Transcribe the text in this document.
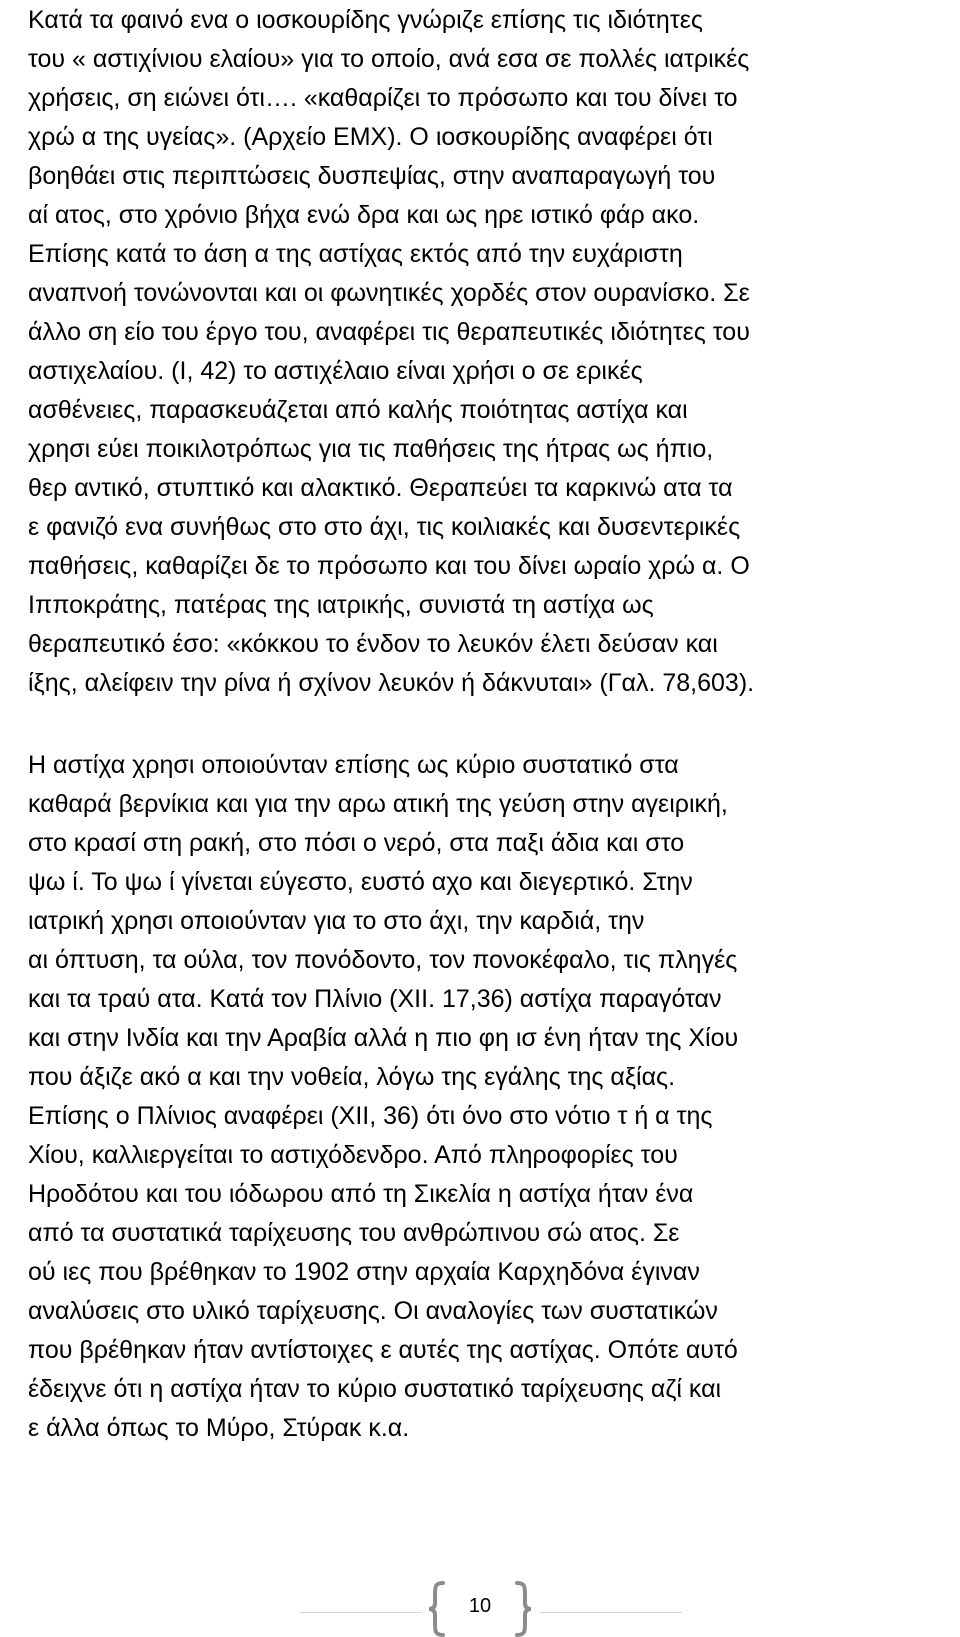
Κατά τα φαινό ενα ο ιοσκουρίδης γνώριζε επίσης τις ιδιότητες
του « αστιχίνιου ελαίου» για το οποίο, ανά εσα σε πολλές ιατρικές
χρήσεις, ση ειώνει ότι…. «καθαρίζει το πρόσωπο και του δίνει το
χρώ α της υγείας». (Αρχείο ΕΜΧ). Ο ιοσκουρίδης αναφέρει ότι
βοηθάει στις περιπτώσεις δυσπεψίας, στην αναπαραγωγή του
αί ατος, στο χρόνιο βήχα ενώ δρα και ως ηρε ιστικό φάρ ακο.
Επίσης κατά το άση α της αστίχας εκτός από την ευχάριστη
αναπνοή τονώνονται και οι φωνητικές χορδές στον ουρανίσκο. Σε
άλλο ση είο του έργο του, αναφέρει τις θεραπευτικές ιδιότητες του
αστιχελαίου. (Ι, 42) το αστιχέλαιο είναι χρήσι ο σε ερικές
ασθένειες, παρασκευάζεται από καλής ποιότητας αστίχα και
χρησι εύει ποικιλοτρόπως για τις παθήσεις της ήτρας ως ήπιο,
θερ αντικό, στυπτικό και αλακτικό. Θεραπεύει τα καρκινώ ατα τα
ε φανιζό ενα συνήθως στο στο άχι, τις κοιλιακές και δυσεντερικές
παθήσεις, καθαρίζει δε το πρόσωπο και του δίνει ωραίο χρώ α. Ο
Ιπποκράτης, πατέρας της ιατρικής, συνιστά τη αστίχα ως
θεραπευτικό έσο: «κόκκου το ένδον το λευκόν έλετι δεύσαν και
ίξης, αλείφειν την ρίνα ή σχίνον λευκόν ή δάκνυται» (Γαλ. 78,603).
Η αστίχα χρησι οποιούνταν επίσης ως κύριο συστατικό στα
καθαρά βερνίκια και για την αρω ατική της γεύση στην αγειρική,
στο κρασί στη ρακή, στο πόσι ο νερό, στα παξι άδια και στο
ψω ί. Το ψω ί γίνεται εύγεστο, ευστό αχο και διεγερτικό. Στην
ιατρική χρησι οποιούνταν για το στο άχι, την καρδιά, την
αι όπτυση, τα ούλα, τον πονόδοντο, τον πονοκέφαλο, τις πληγές
και τα τραύ ατα. Κατά τον Πλίνιο (XII. 17,36) αστίχα παραγόταν
και στην Ινδία και την Αραβία αλλά η πιο φη ισ ένη ήταν της Χίου
που άξιζε ακό α και την νοθεία, λόγω της εγάλης της αξίας.
Επίσης ο Πλίνιος αναφέρει (XII, 36) ότι όνο στο νότιο τ ή α της
Χίου, καλλιεργείται το αστιχόδενδρο. Από πληροφορίες του
Ηροδότου και του ιόδωρου από τη Σικελία η αστίχα ήταν ένα
από τα συστατικά ταρίχευσης του ανθρώπινου σώ ατος. Σε
ού ιες που βρέθηκαν το 1902 στην αρχαία Καρχηδόνα έγιναν
αναλύσεις στο υλικό ταρίχευσης. Οι αναλογίες των συστατικών
που βρέθηκαν ήταν αντίστοιχες ε αυτές της αστίχας. Οπότε αυτό
έδειχνε ότι η αστίχα ήταν το κύριο συστατικό ταρίχευσης αζί και
ε άλλα όπως το Μύρο, Στύρακ κ.α.
10
